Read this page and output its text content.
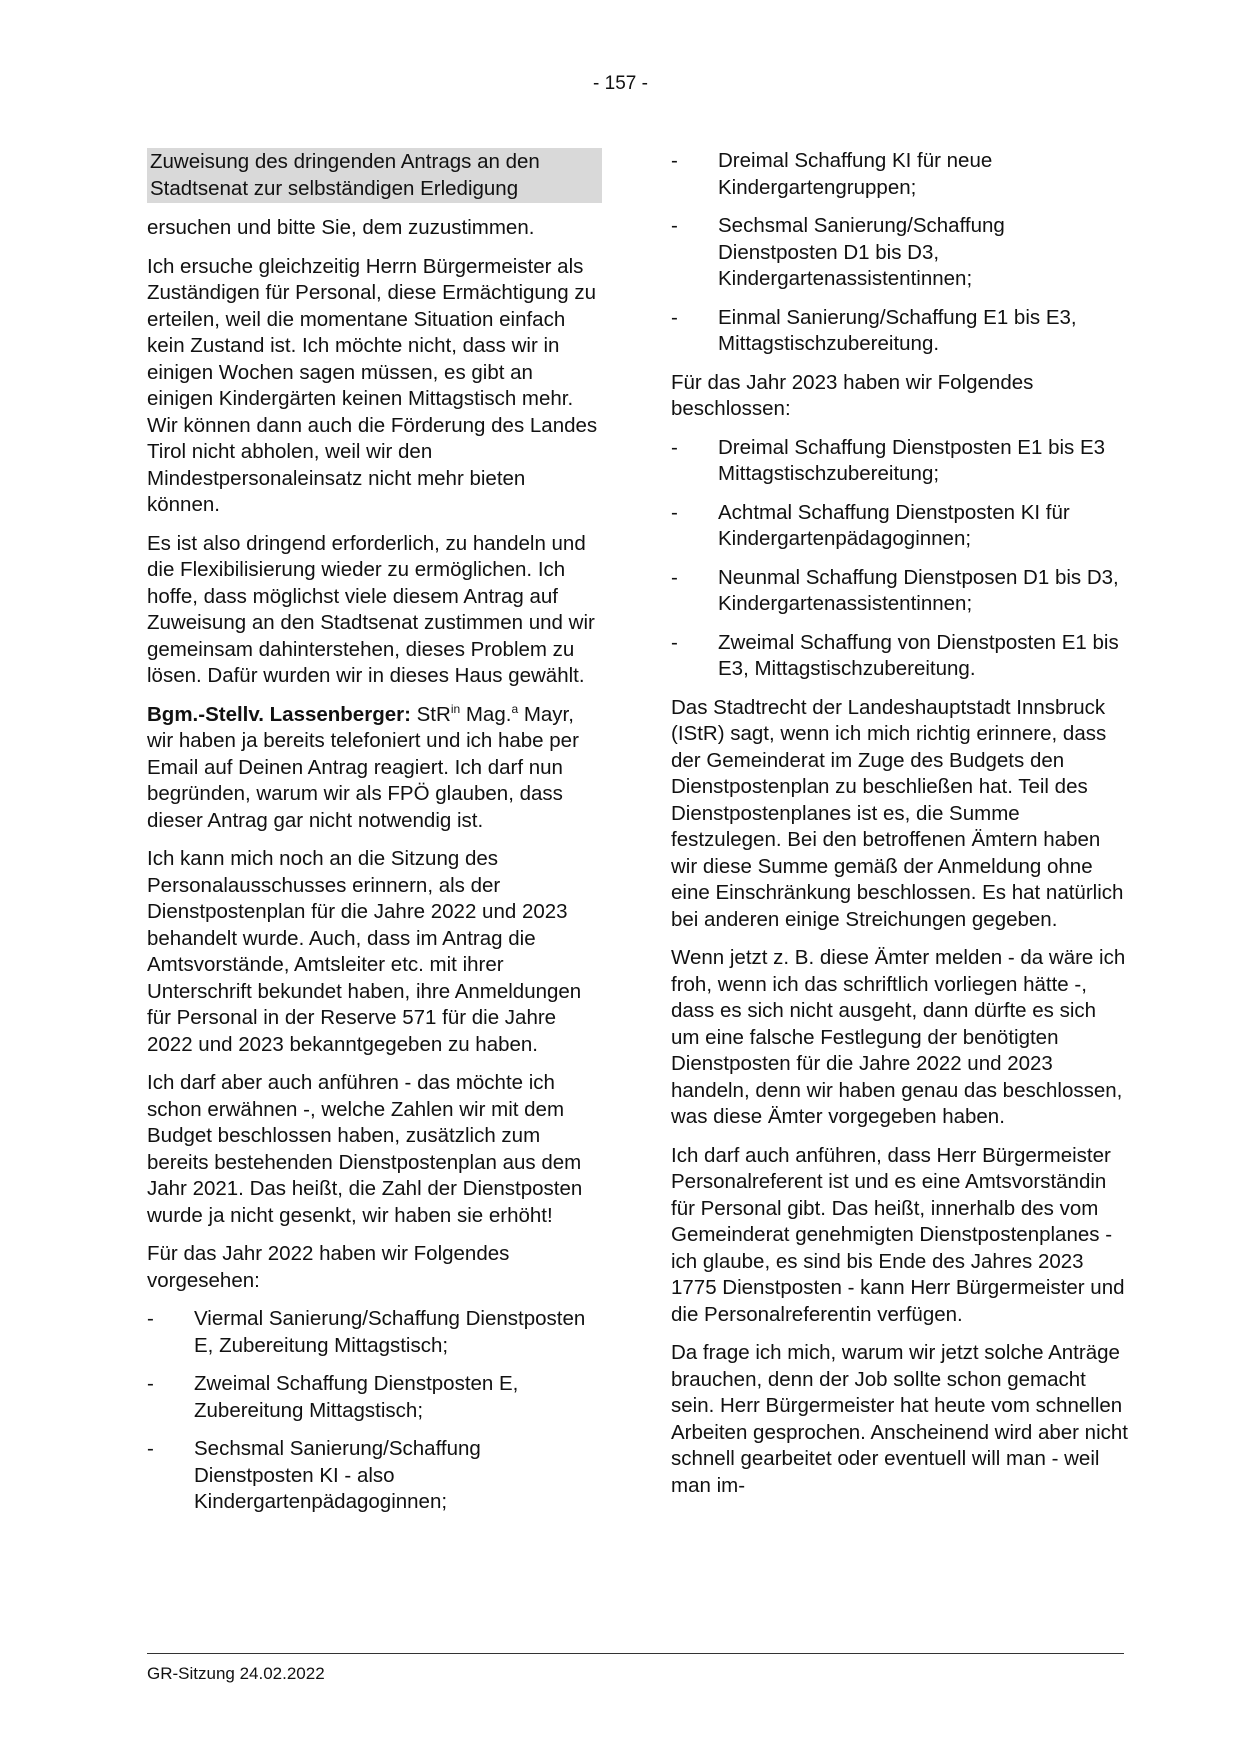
- 157 -
Zuweisung des dringenden Antrags an den Stadtsenat zur selbständigen Erledigung

ersuchen und bitte Sie, dem zuzustimmen.

Ich ersuche gleichzeitig Herrn Bürgermeister als Zuständigen für Personal, diese Ermächtigung zu erteilen, weil die momentane Situation einfach kein Zustand ist. Ich möchte nicht, dass wir in einigen Wochen sagen müssen, es gibt an einigen Kindergärten keinen Mittagstisch mehr. Wir können dann auch die Förderung des Landes Tirol nicht abholen, weil wir den Mindestpersonaleinsatz nicht mehr bieten können.

Es ist also dringend erforderlich, zu handeln und die Flexibilisierung wieder zu ermöglichen. Ich hoffe, dass möglichst viele diesem Antrag auf Zuweisung an den Stadtsenat zustimmen und wir gemeinsam dahinterstehen, dieses Problem zu lösen. Dafür wurden wir in dieses Haus gewählt.

Bgm.-Stellv. Lassenberger: StR$^{in}$ Mag.$^a$ Mayr, wir haben ja bereits telefoniert und ich habe per Email auf Deinen Antrag reagiert. Ich darf nun begründen, warum wir als FPÖ glauben, dass dieser Antrag gar nicht notwendig ist.

Ich kann mich noch an die Sitzung des Personalausschusses erinnern, als der Dienstpostenplan für die Jahre 2022 und 2023 behandelt wurde. Auch, dass im Antrag die Amtsvorstände, Amtsleiter etc. mit ihrer Unterschrift bekundet haben, ihre Anmeldungen für Personal in der Reserve 571 für die Jahre 2022 und 2023 bekanntgegeben zu haben.

Ich darf aber auch anführen - das möchte ich schon erwähnen -, welche Zahlen wir mit dem Budget beschlossen haben, zusätzlich zum bereits bestehenden Dienstpostenplan aus dem Jahr 2021. Das heißt, die Zahl der Dienstposten wurde ja nicht gesenkt, wir haben sie erhöht!

Für das Jahr 2022 haben wir Folgendes vorgesehen:

-	Viermal Sanierung/Schaffung Dienstposten E, Zubereitung Mittagstisch;
-	Zweimal Schaffung Dienstposten E, Zubereitung Mittagstisch;
-	Sechsmal Sanierung/Schaffung Dienstposten KI - also Kindergartenpädagoginnen;
-	Dreimal Schaffung KI für neue Kindergartengruppen;
-	Sechsmal Sanierung/Schaffung Dienstposten D1 bis D3, Kindergartenassistentinnen;
-	Einmal Sanierung/Schaffung E1 bis E3, Mittagstischzubereitung.

Für das Jahr 2023 haben wir Folgendes beschlossen:

-	Dreimal Schaffung Dienstposten E1 bis E3 Mittagstischzubereitung;
-	Achtmal Schaffung Dienstposten KI für Kindergartenpädagoginnen;
-	Neunmal Schaffung Dienstposen D1 bis D3, Kindergartenassistentinnen;
-	Zweimal Schaffung von Dienstposten E1 bis E3, Mittagstischzubereitung.

Das Stadtrecht der Landeshauptstadt Innsbruck (IStR) sagt, wenn ich mich richtig erinnere, dass der Gemeinderat im Zuge des Budgets den Dienstpostenplan zu beschließen hat. Teil des Dienstpostenplanes ist es, die Summe festzulegen. Bei den betroffenen Ämtern haben wir diese Summe gemäß der Anmeldung ohne eine Einschränkung beschlossen. Es hat natürlich bei anderen einige Streichungen gegeben.

Wenn jetzt z. B. diese Ämter melden - da wäre ich froh, wenn ich das schriftlich vorliegen hätte -, dass es sich nicht ausgeht, dann dürfte es sich um eine falsche Festlegung der benötigten Dienstposten für die Jahre 2022 und 2023 handeln, denn wir haben genau das beschlossen, was diese Ämter vorgegeben haben.

Ich darf auch anführen, dass Herr Bürgermeister Personalreferent ist und es eine Amtsvorständin für Personal gibt. Das heißt, innerhalb des vom Gemeinderat genehmigten Dienstpostenplanes - ich glaube, es sind bis Ende des Jahres 2023 1775 Dienstposten - kann Herr Bürgermeister und die Personalreferentin verfügen.

Da frage ich mich, warum wir jetzt solche Anträge brauchen, denn der Job sollte schon gemacht sein. Herr Bürgermeister hat heute vom schnellen Arbeiten gesprochen. Anscheinend wird aber nicht schnell gearbeitet oder eventuell will man - weil man im-

GR-Sitzung 24.02.2022
